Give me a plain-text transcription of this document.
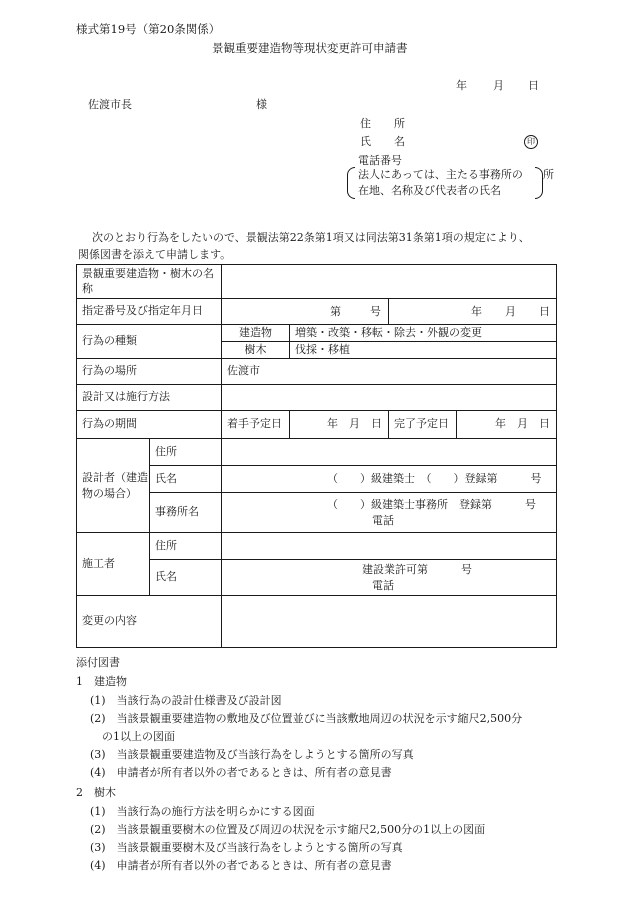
様式第19号（第20条関係）
景観重要建造物等現状変更許可申請書
年 月 日
佐渡市長	様
住 所
氏 名	印
電話番号
法人にあっては、主たる事務所の 所
在地、名称及び代表者の氏名
次のとおり行為をしたいので、景観法第22条第1項又は同法第31条第1項の規定により、
関係図書を添えて申請します。
景観重要建造物・樹木の名称					
指定番号及び指定年月日		第 号		年 月 日	

行為の種類		建造物	増築・改築・移転・除去・外観の変更		
		樹木	伐採・移植		
行為の場所		佐渡市			
設計又は施行方法					
行為の期間		着手予定日	年　月　日	完了予定日	年　月　日
設計者（建造物の場合）	住所				
	氏名	（　　）級建築士　（　　）登録第　　　号			
	事務所名	（　　）級建築士事務所　登録第　　　号
電話			

施工者	住所				
	氏名	建設業許可第　　　号
電話			

変更の内容					
添付図書
1　建造物
(1)　当該行為の設計仕様書及び設計図
(2)　当該景観重要建造物の敷地及び位置並びに当該敷地周辺の状況を示す縮尺2,500分
の1以上の図面
(3)　当該景観重要建造物及び当該行為をしようとする箇所の写真
(4)　申請者が所有者以外の者であるときは、所有者の意見書
2　樹木
(1)　当該行為の施行方法を明らかにする図面
(2)　当該景観重要樹木の位置及び周辺の状況を示す縮尺2,500分の1以上の図面
(3)　当該景観重要樹木及び当該行為をしようとする箇所の写真
(4)　申請者が所有者以外の者であるときは、所有者の意見書
